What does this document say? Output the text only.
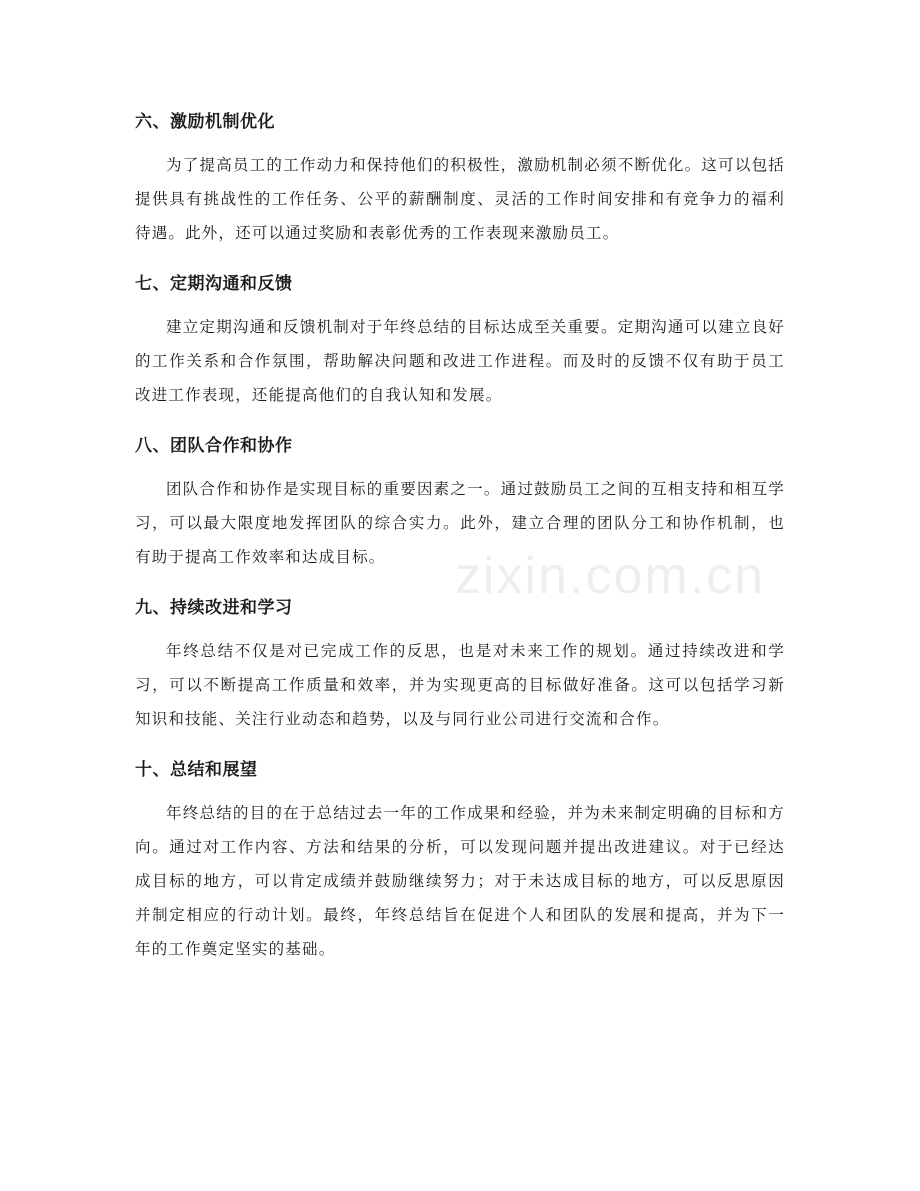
六、激励机制优化

为了提高员工的工作动力和保持他们的积极性，激励机制必须不断优化。这可以包括提供具有挑战性的工作任务、公平的薪酬制度、灵活的工作时间安排和有竞争力的福利待遇。此外，还可以通过奖励和表彰优秀的工作表现来激励员工。

七、定期沟通和反馈

建立定期沟通和反馈机制对于年终总结的目标达成至关重要。定期沟通可以建立良好的工作关系和合作氛围，帮助解决问题和改进工作进程。而及时的反馈不仅有助于员工改进工作表现，还能提高他们的自我认知和发展。

八、团队合作和协作

团队合作和协作是实现目标的重要因素之一。通过鼓励员工之间的互相支持和相互学习，可以最大限度地发挥团队的综合实力。此外，建立合理的团队分工和协作机制，也有助于提高工作效率和达成目标。

九、持续改进和学习

年终总结不仅是对已完成工作的反思，也是对未来工作的规划。通过持续改进和学习，可以不断提高工作质量和效率，并为实现更高的目标做好准备。这可以包括学习新知识和技能、关注行业动态和趋势，以及与同行业公司进行交流和合作。

十、总结和展望

年终总结的目的在于总结过去一年的工作成果和经验，并为未来制定明确的目标和方向。通过对工作内容、方法和结果的分析，可以发现问题并提出改进建议。对于已经达成目标的地方，可以肯定成绩并鼓励继续努力；对于未达成目标的地方，可以反思原因并制定相应的行动计划。最终，年终总结旨在促进个人和团队的发展和提高，并为下一年的工作奠定坚实的基础。

zixin.com.cn
